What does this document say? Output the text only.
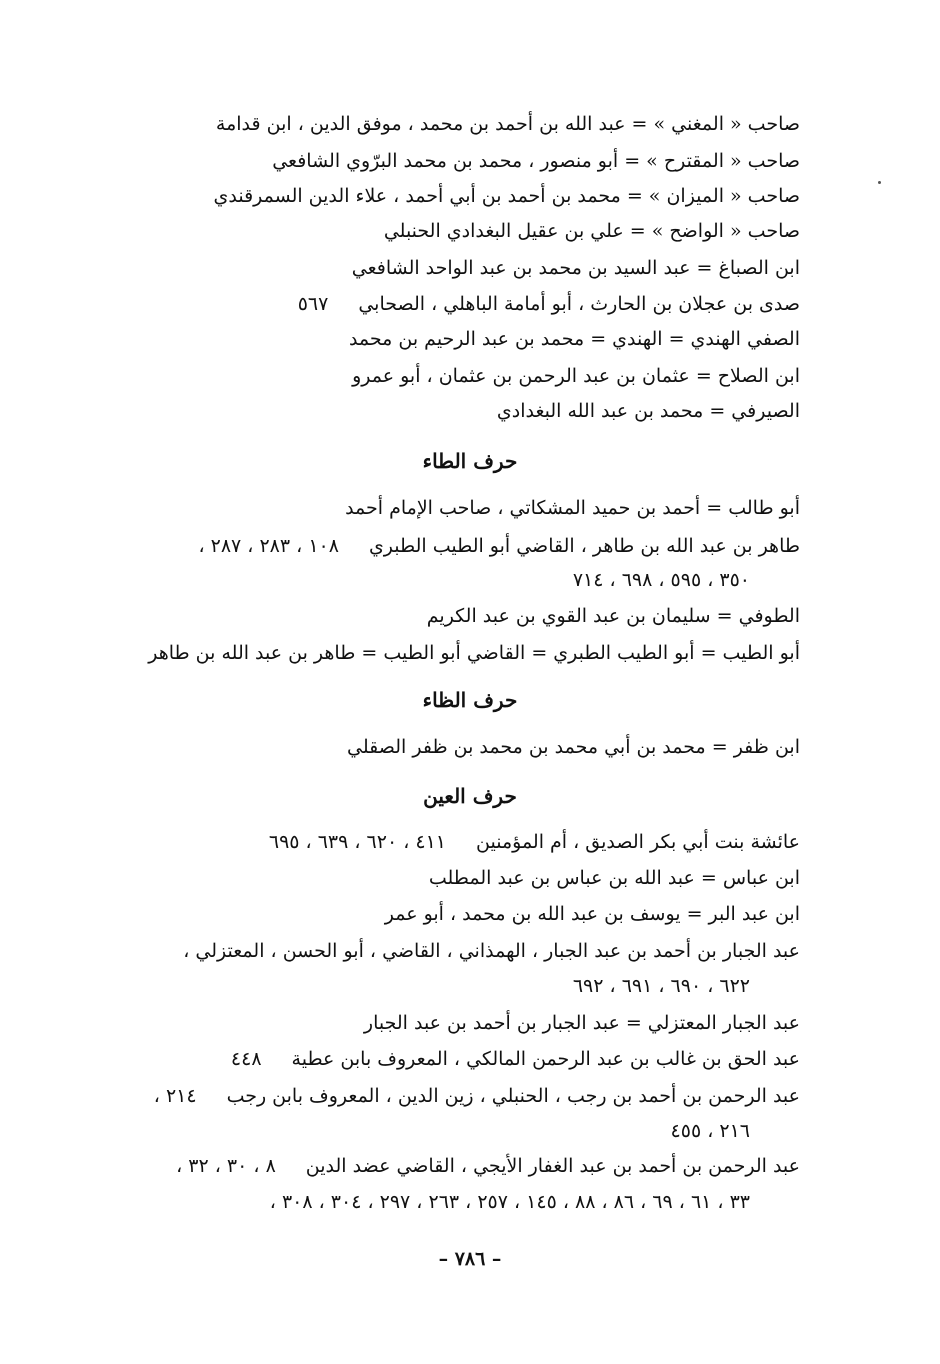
صاحب « المغني » = عبد الله بن أحمد بن محمد ، موفق الدين ، ابن قدامة
صاحب « المقترح » = أبو منصور ، محمد بن محمد البرّوي الشافعي
صاحب « الميزان » = محمد بن أحمد بن أبي أحمد ، علاء الدين السمرقندي
صاحب « الواضح » = علي بن عقيل البغدادي الحنبلي
ابن الصباغ = عبد السيد بن محمد بن عبد الواحد الشافعي
صدى بن عجلان بن الحارث ، أبو أمامة الباهلي ، الصحابي
٥٦٧
الصفي الهندي = الهندي = محمد بن عبد الرحيم بن محمد
ابن الصلاح = عثمان بن عبد الرحمن بن عثمان ، أبو عمرو
الصيرفي = محمد بن عبد الله البغدادي
حرف الطاء
أبو طالب = أحمد بن حميد المشكاتي ، صاحب الإمام أحمد
طاهر بن عبد الله بن طاهر ، القاضي أبو الطيب الطبري
١٠٨ ، ٢٨٣ ، ٢٨٧ ،
٣٥٠ ، ٥٩٥ ، ٦٩٨ ، ٧١٤
الطوفي = سليمان بن عبد القوي بن عبد الكريم
أبو الطيب = أبو الطيب الطبري = القاضي أبو الطيب = طاهر بن عبد الله بن طاهر
حرف الظاء
ابن ظفر = محمد بن أبي محمد بن محمد بن ظفر الصقلي
حرف العين
عائشة بنت أبي بكر الصديق ، أم المؤمنين
٤١١ ، ٦٢٠ ، ٦٣٩ ، ٦٩٥
ابن عباس = عبد الله بن عباس بن عبد المطلب
ابن عبد البر = يوسف بن عبد الله بن محمد ، أبو عمر
عبد الجبار بن أحمد بن عبد الجبار ، الهمذاني ، القاضي ، أبو الحسن ، المعتزلي ،
٦٢٢ ، ٦٩٠ ، ٦٩١ ، ٦٩٢
عبد الجبار المعتزلي = عبد الجبار بن أحمد بن عبد الجبار
عبد الحق بن غالب بن عبد الرحمن المالكي ، المعروف بابن عطية
٤٤٨
عبد الرحمن بن أحمد بن رجب ، الحنبلي ، زين الدين ، المعروف بابن رجب
٢١٤ ،
٢١٦ ، ٤٥٥
عبد الرحمن بن أحمد بن عبد الغفار الأيجي ، القاضي عضد الدين
٨ ، ٣٠ ، ٣٢ ،
٣٣ ، ٦١ ، ٦٩ ، ٨٦ ، ٨٨ ، ١٤٥ ، ٢٥٧ ، ٢٦٣ ، ٢٩٧ ، ٣٠٤ ، ٣٠٨ ،
– ٧٨٦ –
